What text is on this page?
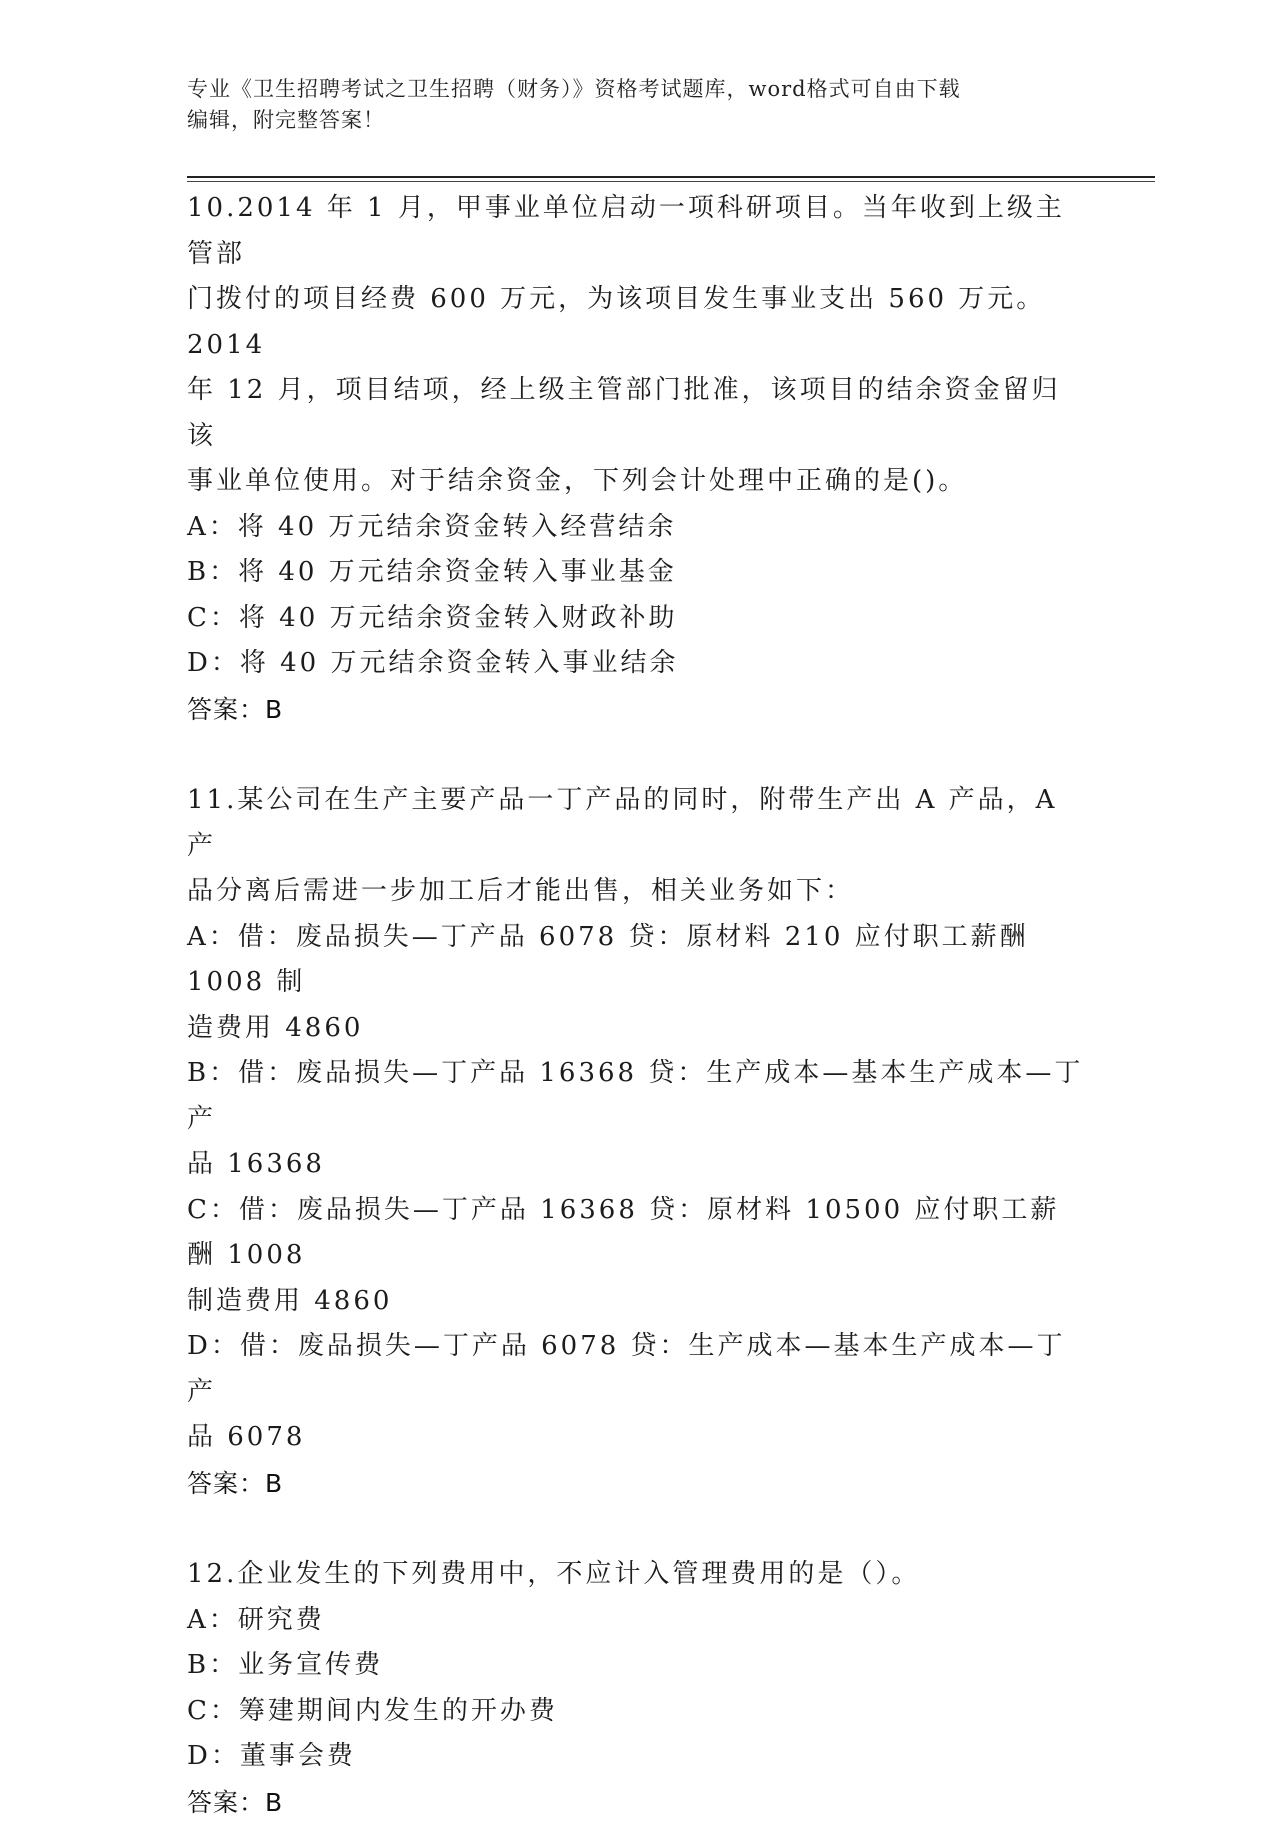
专业《卫生招聘考试之卫生招聘（财务）》资格考试题库，word格式可自由下载
编辑，附完整答案！
10.2014 年 1 月，甲事业单位启动一项科研项目。当年收到上级主管部
门拨付的项目经费 600 万元，为该项目发生事业支出 560 万元。2014
年 12 月，项目结项，经上级主管部门批准，该项目的结余资金留归该
事业单位使用。对于结余资金，下列会计处理中正确的是()。
A：将 40 万元结余资金转入经营结余
B：将 40 万元结余资金转入事业基金
C：将 40 万元结余资金转入财政补助
D：将 40 万元结余资金转入事业结余
答案：B
11.某公司在生产主要产品一丁产品的同时，附带生产出 A 产品，A 产
品分离后需进一步加工后才能出售，相关业务如下：
A：借：废品损失—丁产品 6078 贷：原材料 210 应付职工薪酬 1008 制
造费用 4860
B：借：废品损失—丁产品 16368 贷：生产成本—基本生产成本—丁产
品 16368
C：借：废品损失—丁产品 16368 贷：原材料 10500 应付职工薪酬 1008
制造费用 4860
D：借：废品损失—丁产品 6078 贷：生产成本—基本生产成本—丁产
品 6078
答案：B
12.企业发生的下列费用中，不应计入管理费用的是（）。
A：研究费
B：业务宣传费
C：筹建期间内发生的开办费
D：董事会费
答案：B
